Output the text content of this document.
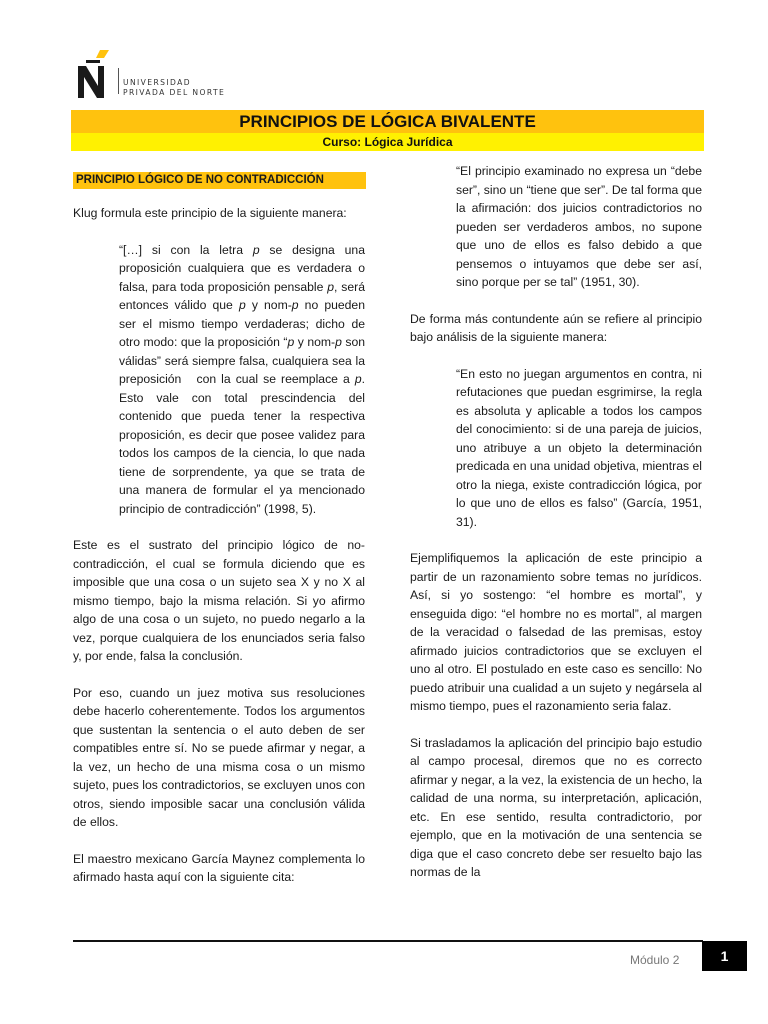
UNIVERSIDAD
PRIVADA DEL NORTE
PRINCIPIOS DE LÓGICA BIVALENTE
Curso: Lógica Jurídica
PRINCIPIO LÓGICO DE NO CONTRADICCIÓN

Klug formula este principio de la siguiente manera:

“[…] si con la letra p se designa una proposición cualquiera que es verdadera o falsa, para toda proposición pensable p, será entonces válido que p y nom-p no pueden ser el mismo tiempo verdaderas; dicho de otro modo: que la proposición “p y nom-p son válidas” será siempre falsa, cualquiera sea la preposición   con la cual se reemplace a p. Esto vale con total prescindencia del contenido que pueda tener la respectiva proposición, es decir que posee validez para todos los campos de la ciencia, lo que nada tiene de sorprendente, ya que se trata de una manera de formular el ya mencionado principio de contradicción” (1998, 5).

Este es el sustrato del principio lógico de no-contradicción, el cual se formula diciendo que es imposible que una cosa o un sujeto sea X y no X al mismo tiempo, bajo la misma relación. Si yo afirmo algo de una cosa o un sujeto, no puedo negarlo a la vez, porque cualquiera de los enunciados seria falso y, por ende, falsa la conclusión.

Por eso, cuando un juez motiva sus resoluciones debe hacerlo coherentemente. Todos los argumentos que sustentan la sentencia o el auto deben de ser compatibles entre sí. No se puede afirmar y negar, a la vez, un hecho de una misma cosa o un mismo sujeto, pues los contradictorios, se excluyen unos con otros, siendo imposible sacar una conclusión válida de ellos.

El maestro mexicano García Maynez complementa lo afirmado hasta aquí con la siguiente cita:

“El principio examinado no expresa un “debe ser”, sino un “tiene que ser”. De tal forma que la afirmación: dos juicios contradictorios no pueden ser verdaderos ambos, no supone que uno de ellos es falso debido a que pensemos o intuyamos que debe ser así, sino porque per se tal” (1951, 30).

De forma más contundente aún se refiere al principio bajo análisis de la siguiente manera:

“En esto no juegan argumentos en contra, ni refutaciones que puedan esgrimirse, la regla es absoluta y aplicable a todos los campos del conocimiento: si de una pareja de juicios, uno atribuye a un objeto la determinación predicada en una unidad objetiva, mientras el otro la niega, existe contradicción lógica, por lo que uno de ellos es falso” (García, 1951, 31).

Ejemplifiquemos la aplicación de este principio a partir de un razonamiento sobre temas no jurídicos. Así, si yo sostengo: “el hombre es mortal”, y enseguida digo: “el hombre no es mortal”, al margen de la veracidad o falsedad de las premisas, estoy afirmado juicios contradictorios que se excluyen el uno al otro. El postulado en este caso es sencillo: No puedo atribuir una cualidad a un sujeto y negársela al mismo tiempo, pues el razonamiento seria falaz.

Si trasladamos la aplicación del principio bajo estudio al campo procesal, diremos que no es correcto afirmar y negar, a la vez, la existencia de un hecho, la calidad de una norma, su interpretación, aplicación, etc. En ese sentido, resulta contradictorio, por ejemplo, que en la motivación de una sentencia se diga que el caso concreto debe ser resuelto bajo las normas de la

Módulo 2	1
